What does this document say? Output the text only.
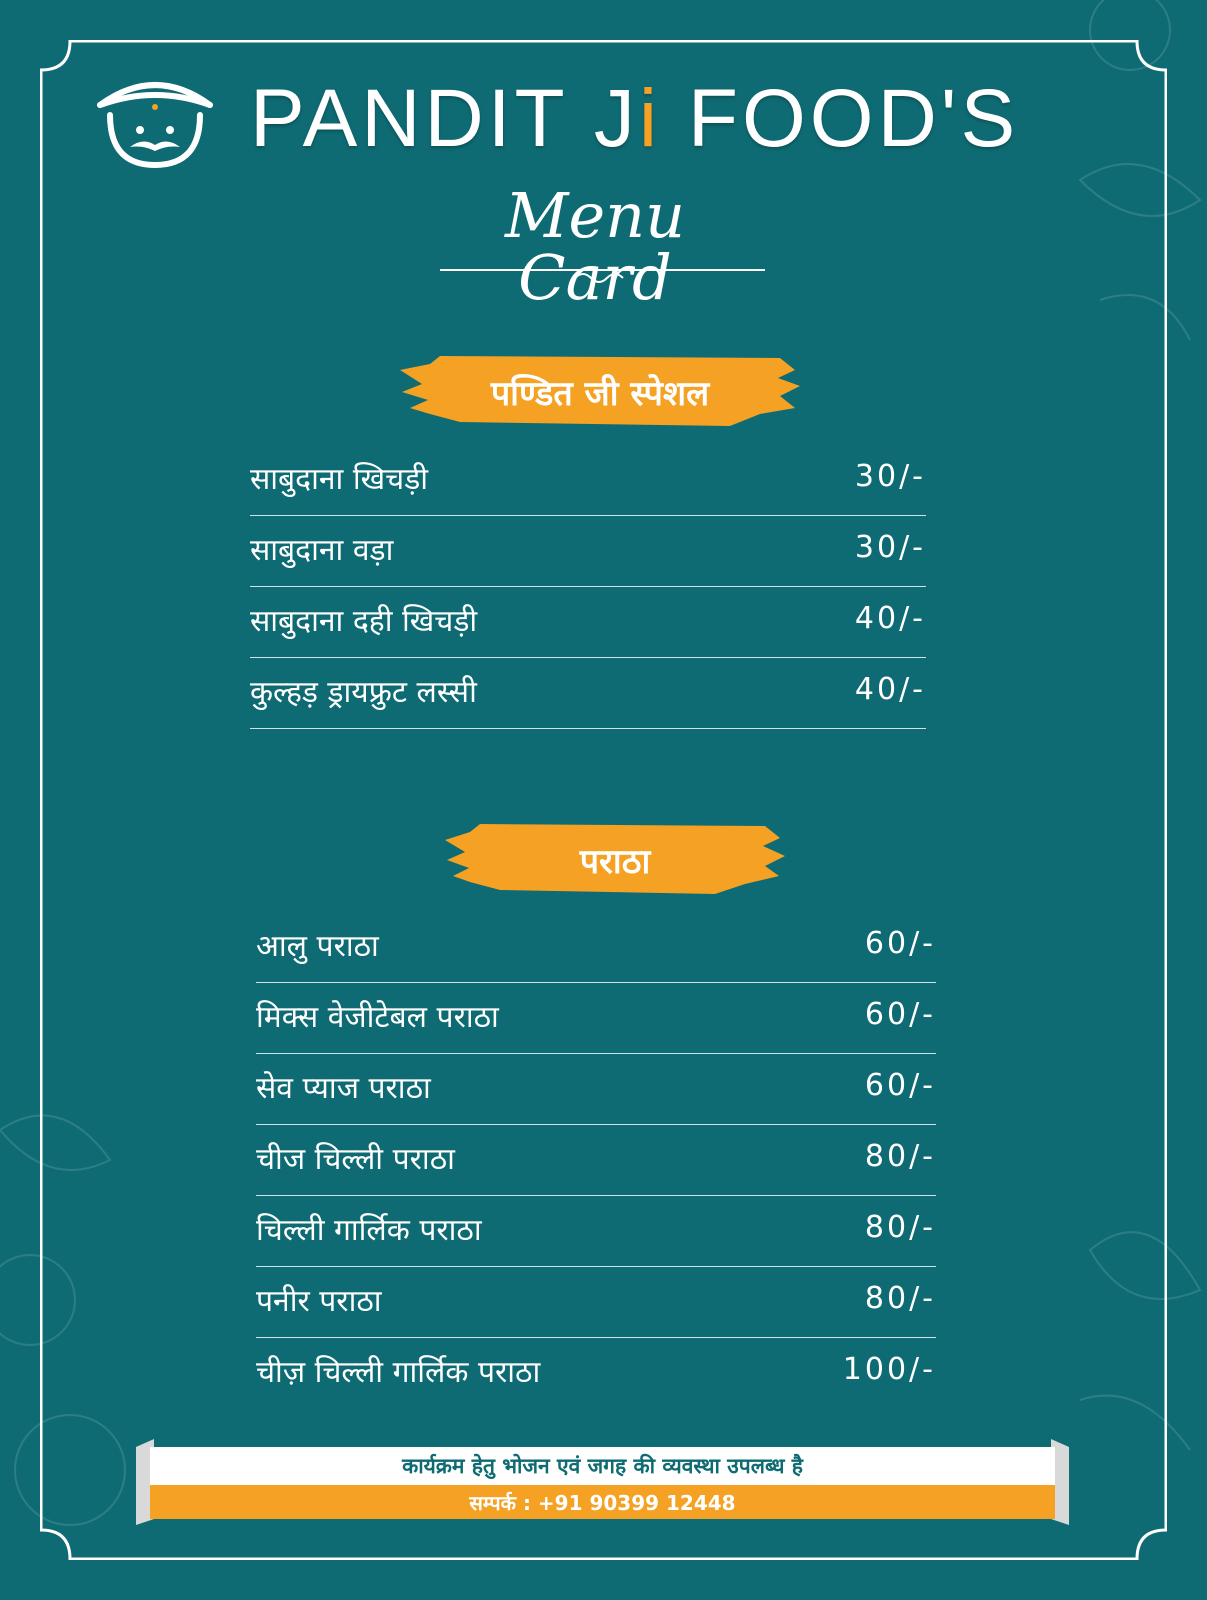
PANDIT Ji FOOD'S
Menu Card
पण्डित जी स्पेशल
साबुदाना खिचड़ी	30/-
साबुदाना वड़ा	30/-
साबुदाना दही खिचड़ी	40/-
कुल्हड़ ड्रायफ्रुट लस्सी	40/-
पराठा
आलु पराठा	60/-
मिक्स वेजीटेबल पराठा	60/-
सेव प्याज पराठा	60/-
चीज चिल्ली पराठा	80/-
चिल्ली गार्लिक पराठा	80/-
पनीर पराठा	80/-
चीज़ चिल्ली गार्लिक पराठा	100/-
कार्यक्रम हेतु भोजन एवं जगह की व्यवस्था उपलब्ध है
सम्पर्क : +91 90399 12448
